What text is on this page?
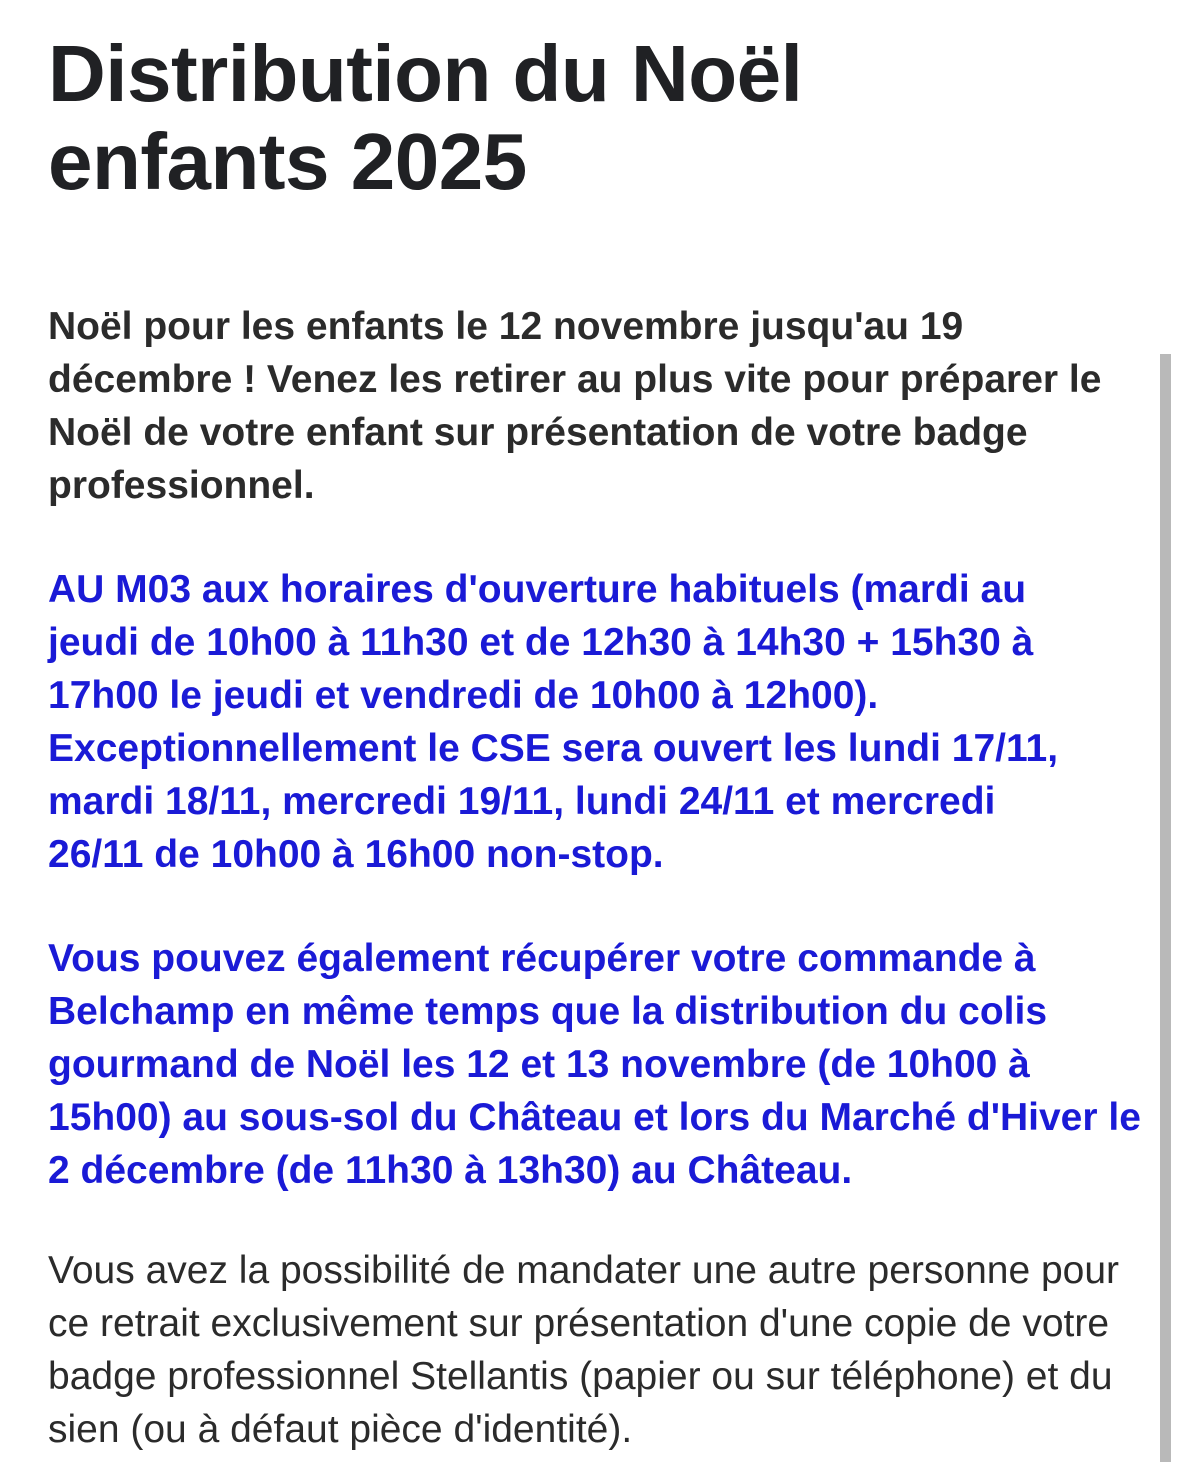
Distribution du Noël
enfants 2025

Noël pour les enfants le 12 novembre jusqu'au 19 décembre ! Venez les retirer au plus vite pour préparer le Noël de votre enfant sur présentation de votre badge professionnel.

AU M03 aux horaires d'ouverture habituels (mardi au
jeudi de 10h00 à 11h30 et de 12h30 à 14h30 + 15h30 à
17h00 le jeudi et vendredi de 10h00 à 12h00).
Exceptionnellement le CSE sera ouvert les lundi 17/11,
mardi 18/11, mercredi 19/11, lundi 24/11 et mercredi
26/11 de 10h00 à 16h00 non-stop.

Vous pouvez également récupérer votre commande à Belchamp en même temps que la distribution du colis gourmand de Noël les 12 et 13 novembre (de 10h00 à 15h00) au sous-sol du Château et lors du Marché d'Hiver le 2 décembre (de 11h30 à 13h30) au Château.

Vous avez la possibilité de mandater une autre personne pour ce retrait exclusivement sur présentation d'une copie de votre badge professionnel Stellantis (papier ou sur téléphone) et du sien (ou à défaut pièce d'identité).
